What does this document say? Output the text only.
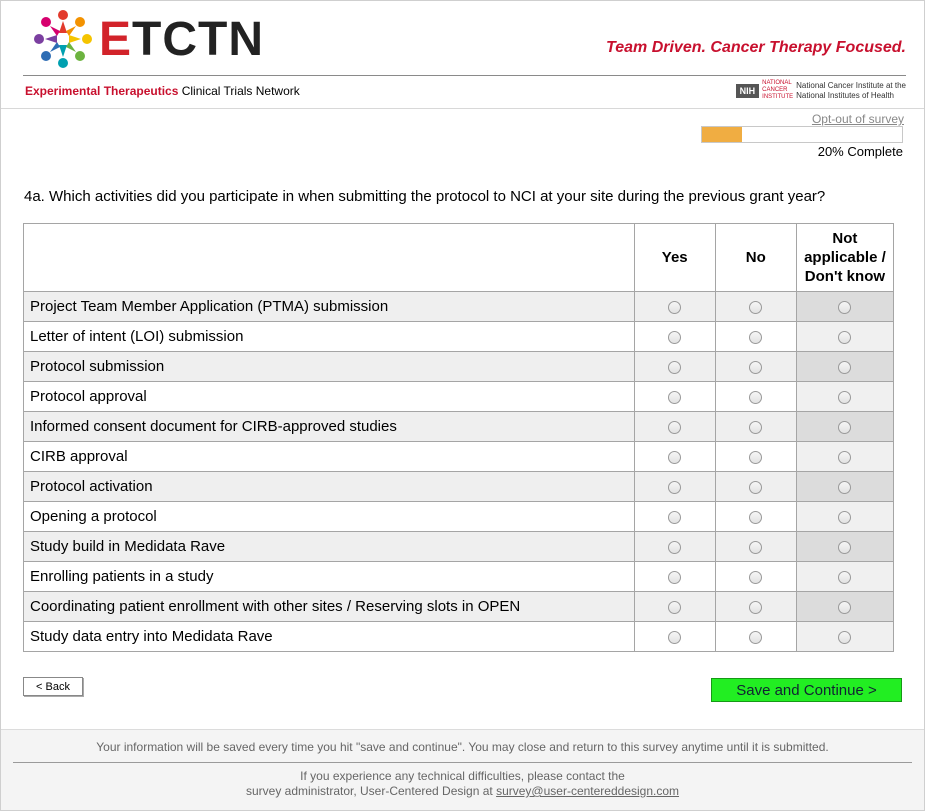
ETCTN	Team Driven. Cancer Therapy Focused.
Experimental Therapeutics Clinical Trials Network	NIH
NATIONAL CANCER INSTITUTE
National Cancer Institute at the
National Institutes of Health
Opt-out of survey
20% Complete
4a. Which activities did you participate in when submitting the protocol to NCI at your site during the previous grant year?
	Yes	No	Not
applicable /
Don't know
Project Team Member Application (PTMA) submission			
Letter of intent (LOI) submission			
Protocol submission			
Protocol approval			
Informed consent document for CIRB-approved studies			
CIRB approval			
Protocol activation			
Opening a protocol			
Study build in Medidata Rave			
Enrolling patients in a study			
Coordinating patient enrollment with other sites / Reserving slots in OPEN			
Study data entry into Medidata Rave			
< Back	Save and Continue >
Your information will be saved every time you hit "save and continue". You may close and return to this survey anytime until it is submitted.
If you experience any technical difficulties, please contact the
survey administrator, User-Centered Design at survey@user-centereddesign.com
